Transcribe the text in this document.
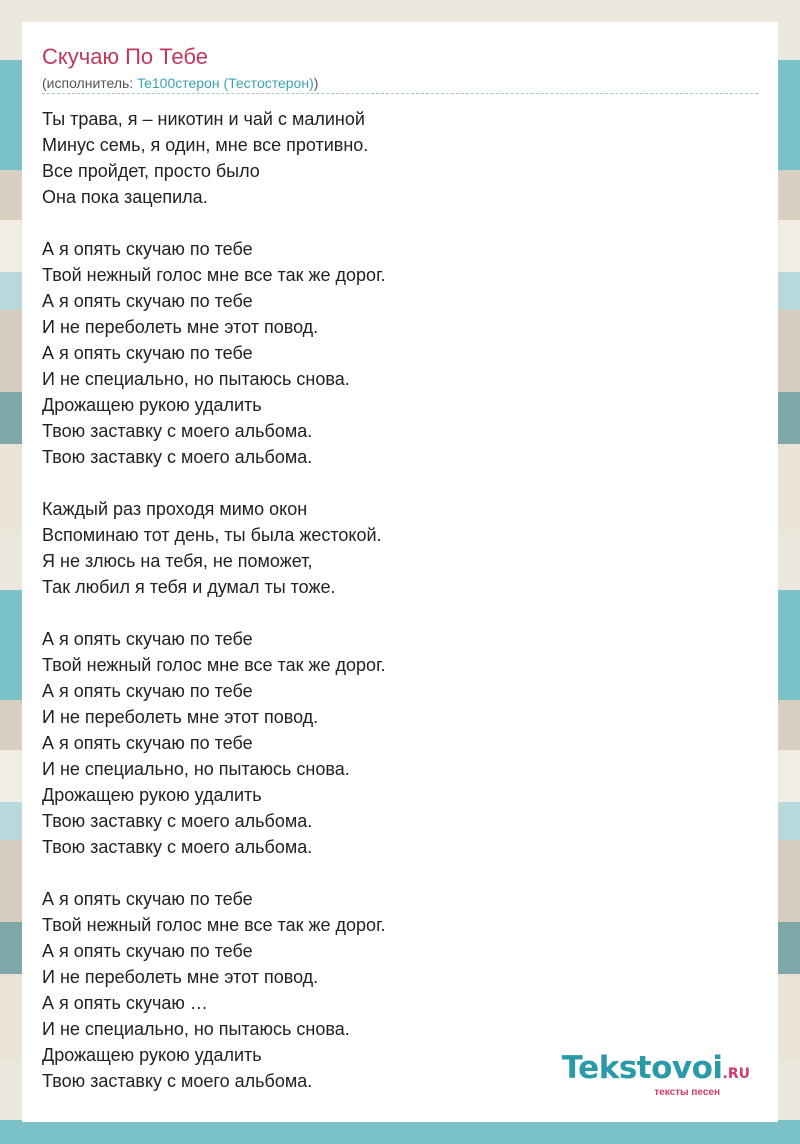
Скучаю По Тебе
(исполнитель: Te100стерон (Тестостерон))
Ты трава, я – никотин и чай с малиной
Минус семь, я один, мне все противно.
Все пройдет, просто было
Она пока зацепила.
А я опять скучаю по тебе
Твой нежный голос мне все так же дорог.
А я опять скучаю по тебе
И не переболеть мне этот повод.
А я опять скучаю по тебе
И не специально, но пытаюсь снова.
Дрожащею рукою удалить
Твою заставку с моего альбома.
Твою заставку с моего альбома.
Каждый раз проходя мимо окон
Вспоминаю тот день, ты была жестокой.
Я не злюсь на тебя, не поможет,
Так любил я тебя и думал ты тоже.
А я опять скучаю по тебе
Твой нежный голос мне все так же дорог.
А я опять скучаю по тебе
И не переболеть мне этот повод.
А я опять скучаю по тебе
И не специально, но пытаюсь снова.
Дрожащею рукою удалить
Твою заставку с моего альбома.
Твою заставку с моего альбома.
А я опять скучаю по тебе
Твой нежный голос мне все так же дорог.
А я опять скучаю по тебе
И не переболеть мне этот повод.
А я опять скучаю …
И не специально, но пытаюсь снова.
Дрожащею рукою удалить
Твою заставку с моего альбома.	Tekstovoi.RU
тексты песен
